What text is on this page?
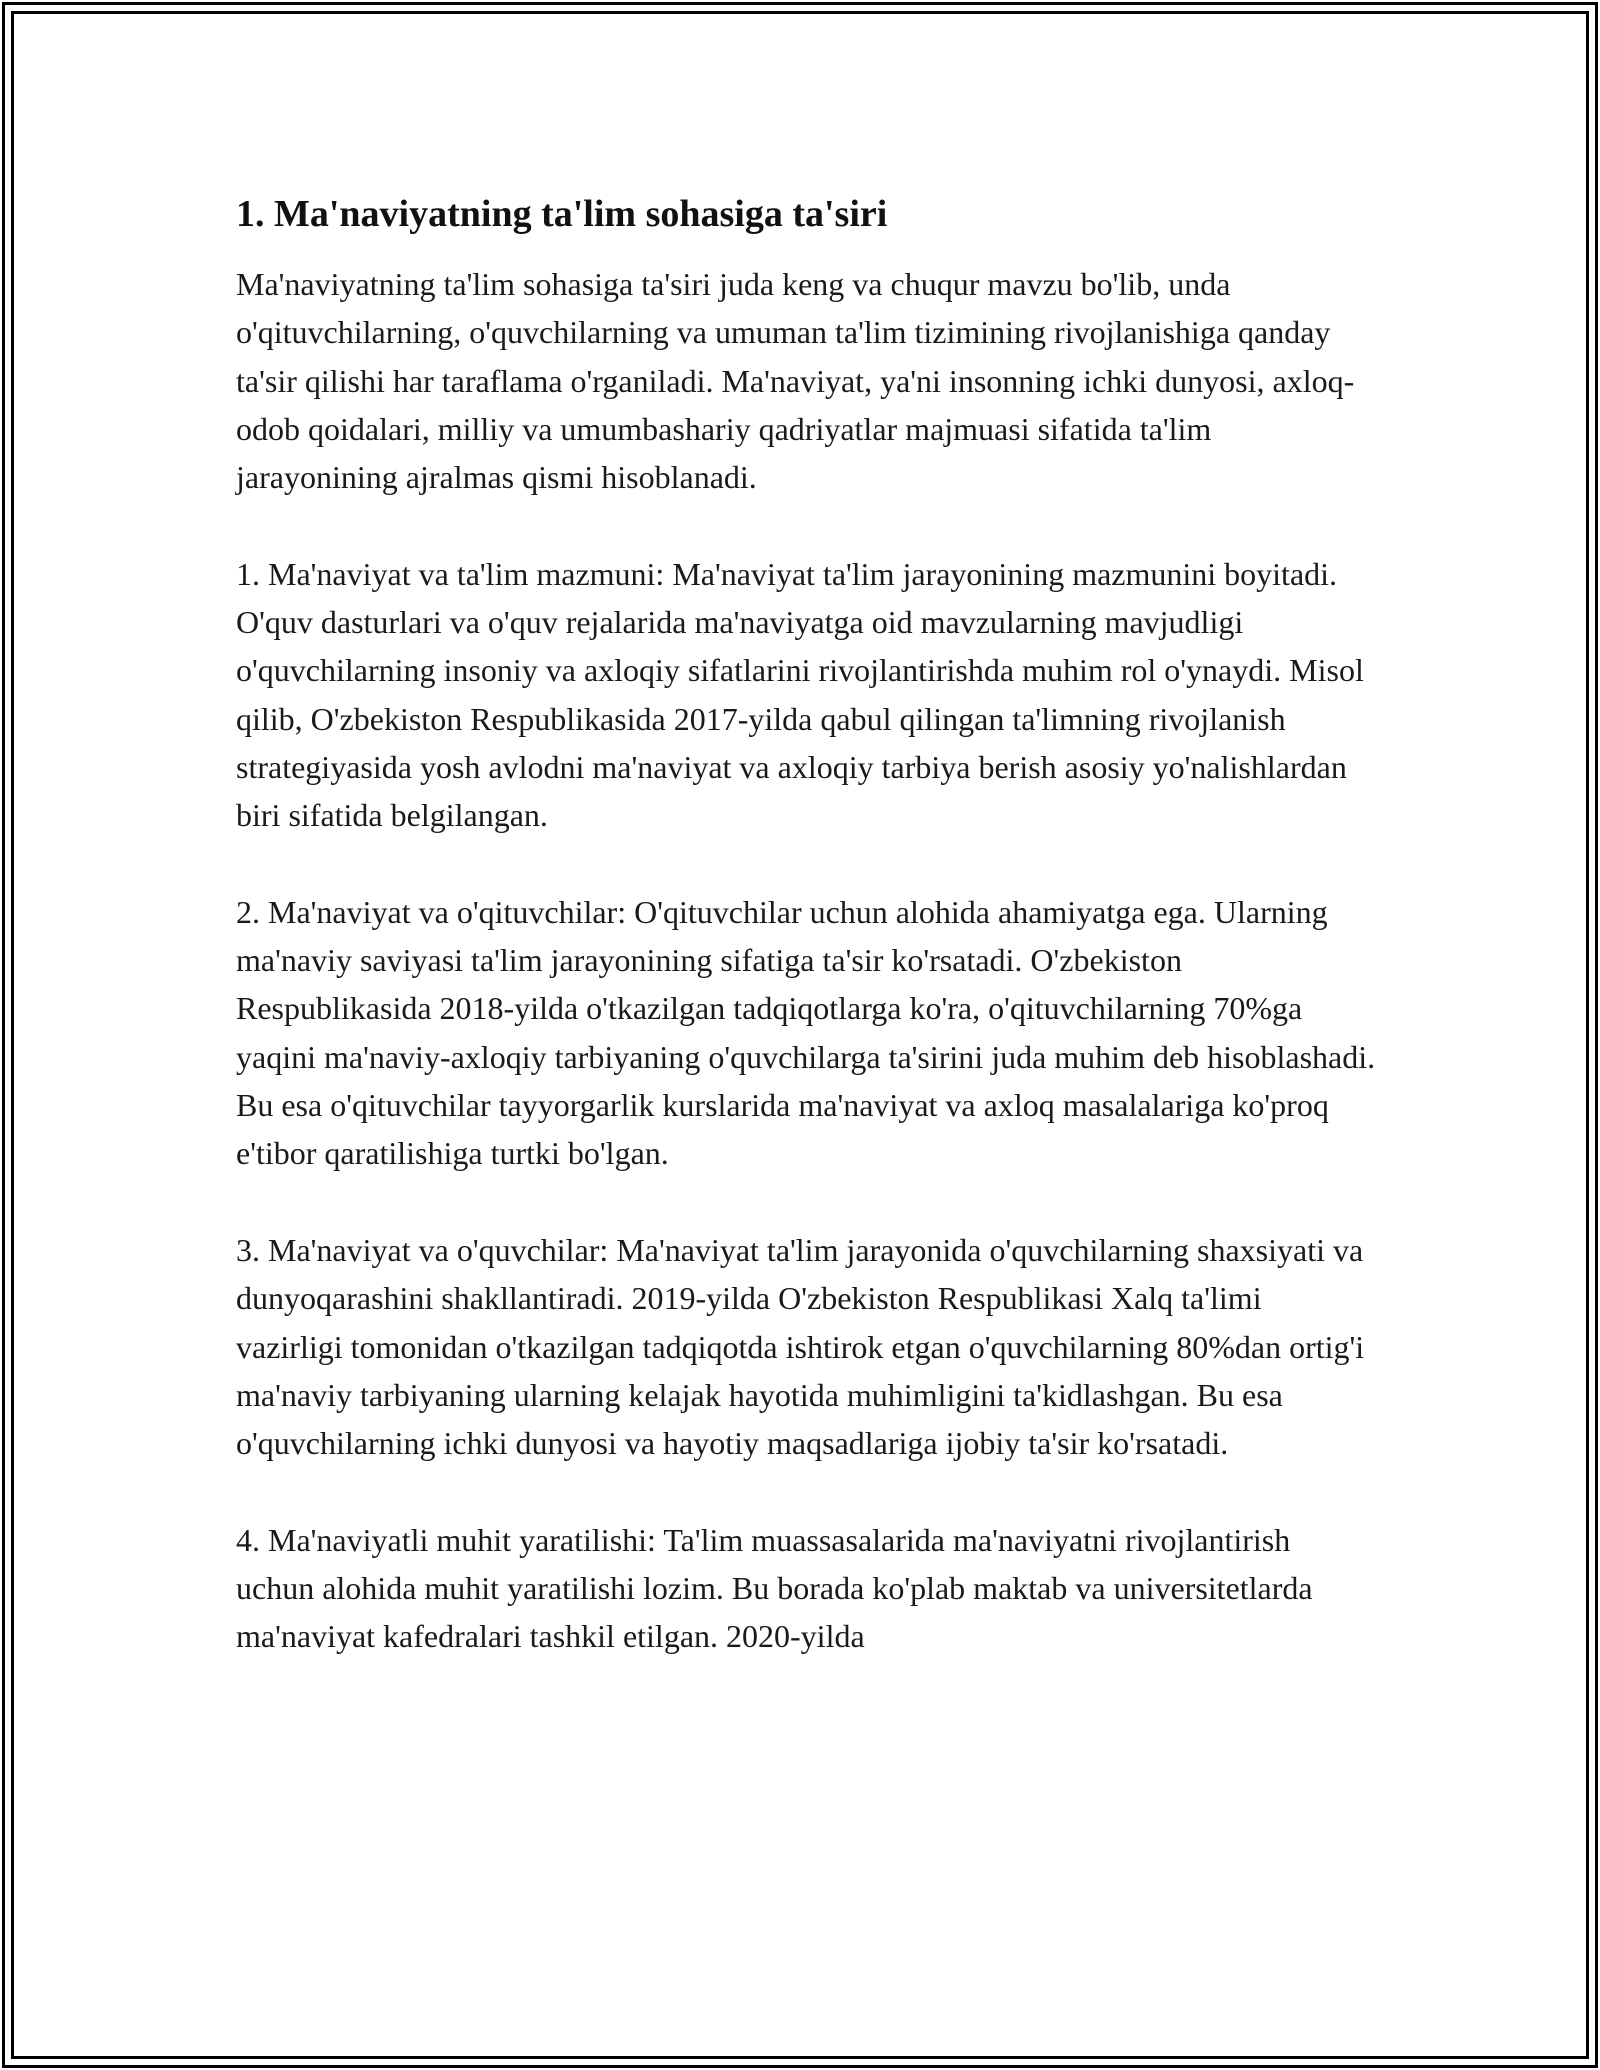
1. Ma'naviyatning ta'lim sohasiga ta'siri

Ma'naviyatning ta'lim sohasiga ta'siri juda keng va chuqur mavzu bo'lib, unda o'qituvchilarning, o'quvchilarning va umuman ta'lim tizimining rivojlanishiga qanday ta'sir qilishi har taraflama o'rganiladi. Ma'naviyat, ya'ni insonning ichki dunyosi, axloq-odob qoidalari, milliy va umumbashariy qadriyatlar majmuasi sifatida ta'lim jarayonining ajralmas qismi hisoblanadi.

1. Ma'naviyat va ta'lim mazmuni: Ma'naviyat ta'lim jarayonining mazmunini boyitadi. O'quv dasturlari va o'quv rejalarida ma'naviyatga oid mavzularning mavjudligi o'quvchilarning insoniy va axloqiy sifatlarini rivojlantirishda muhim rol o'ynaydi. Misol qilib, O'zbekiston Respublikasida 2017-yilda qabul qilingan ta'limning rivojlanish strategiyasida yosh avlodni ma'naviyat va axloqiy tarbiya berish asosiy yo'nalishlardan biri sifatida belgilangan.

2. Ma'naviyat va o'qituvchilar: O'qituvchilar uchun alohida ahamiyatga ega. Ularning ma'naviy saviyasi ta'lim jarayonining sifatiga ta'sir ko'rsatadi. O'zbekiston Respublikasida 2018-yilda o'tkazilgan tadqiqotlarga ko'ra, o'qituvchilarning 70%ga yaqini ma'naviy-axloqiy tarbiyaning o'quvchilarga ta'sirini juda muhim deb hisoblashadi. Bu esa o'qituvchilar tayyorgarlik kurslarida ma'naviyat va axloq masalalariga ko'proq e'tibor qaratilishiga turtki bo'lgan.

3. Ma'naviyat va o'quvchilar: Ma'naviyat ta'lim jarayonida o'quvchilarning shaxsiyati va dunyoqarashini shakllantiradi. 2019-yilda O'zbekiston Respublikasi Xalq ta'limi vazirligi tomonidan o'tkazilgan tadqiqotda ishtirok etgan o'quvchilarning 80%dan ortig'i ma'naviy tarbiyaning ularning kelajak hayotida muhimligini ta'kidlashgan. Bu esa o'quvchilarning ichki dunyosi va hayotiy maqsadlariga ijobiy ta'sir ko'rsatadi.

4. Ma'naviyatli muhit yaratilishi: Ta'lim muassasalarida ma'naviyatni rivojlantirish uchun alohida muhit yaratilishi lozim. Bu borada ko'plab maktab va universitetlarda ma'naviyat kafedralari tashkil etilgan. 2020-yilda
